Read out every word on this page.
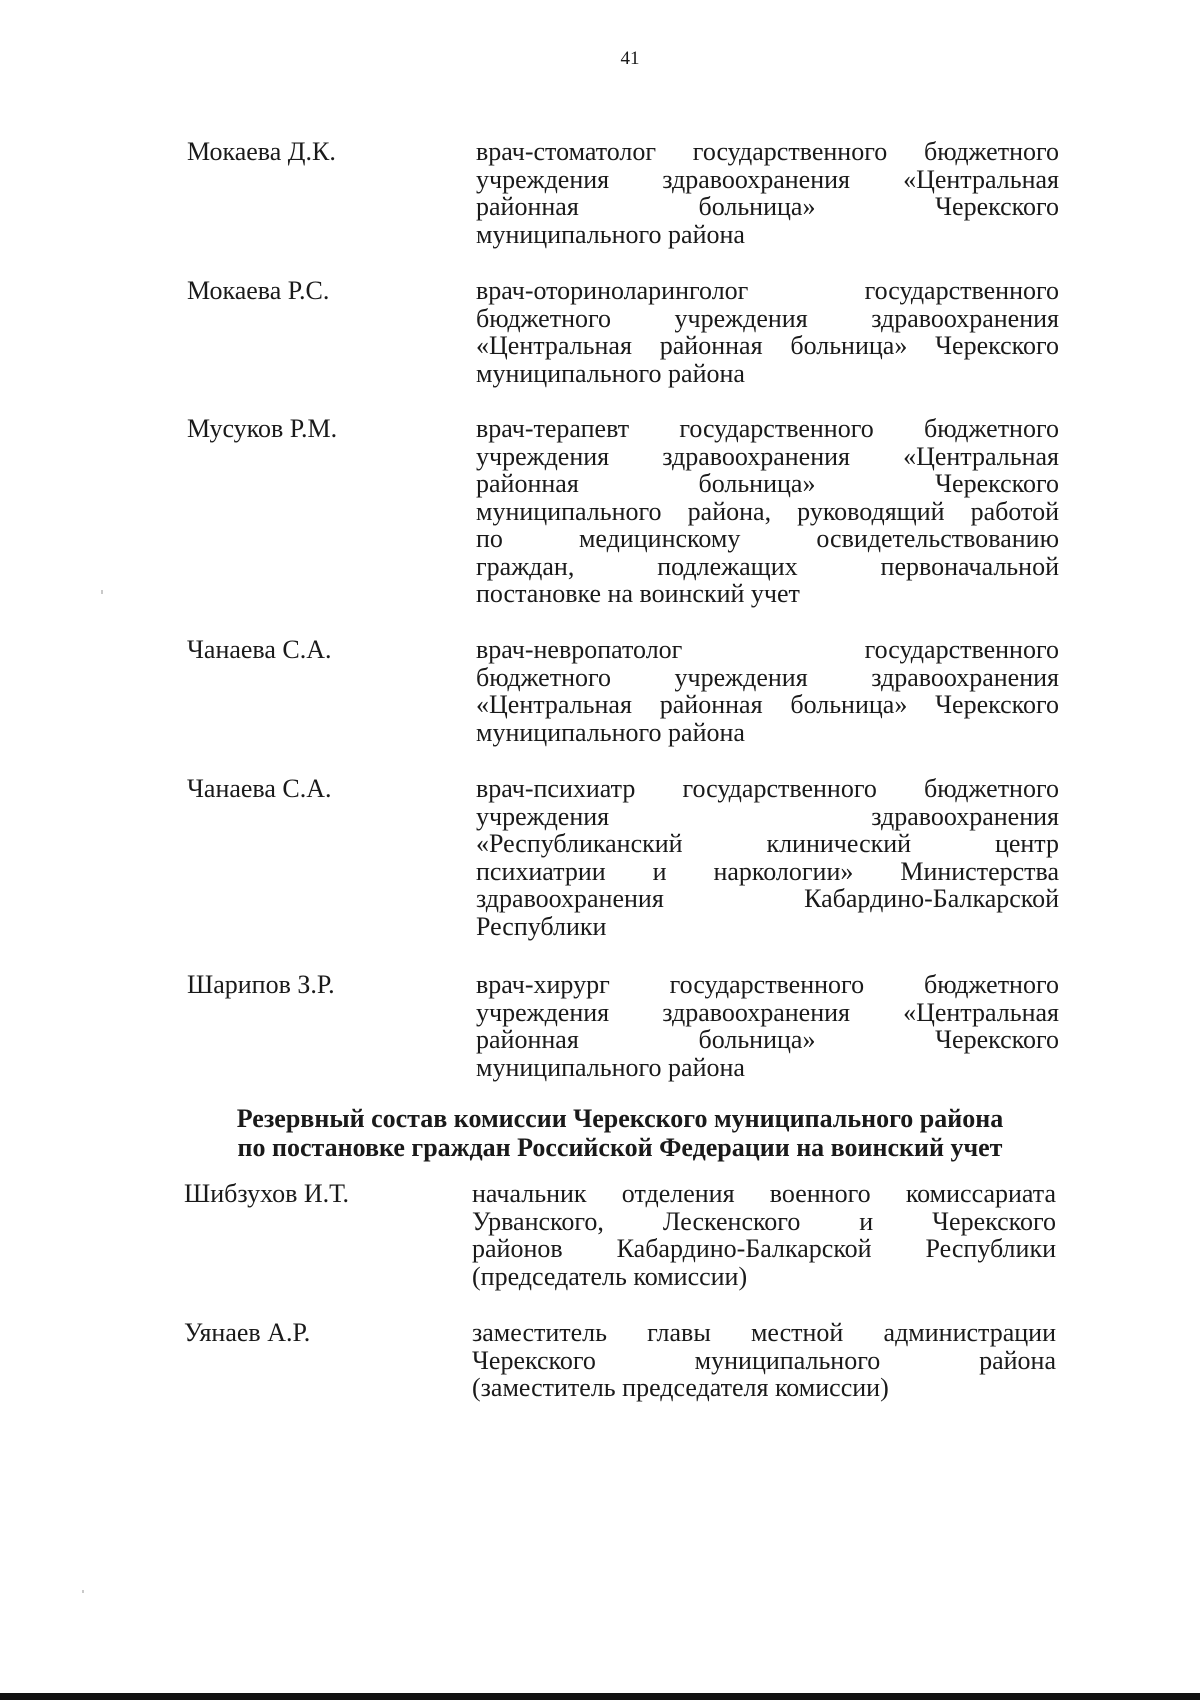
41
Мокаева Д.К.	врач-стоматолог государственного бюджетного
учреждения здравоохранения «Центральная
районная больница» Черекского
муниципального района
Мокаева Р.С.	врач-оториноларинголог государственного
бюджетного учреждения здравоохранения
«Центральная районная больница» Черекского
муниципального района
Мусуков Р.М.	врач-терапевт государственного бюджетного
учреждения здравоохранения «Центральная
районная больница» Черекского
муниципального района, руководящий работой
по медицинскому освидетельствованию
граждан, подлежащих первоначальной
постановке на воинский учет
Чанаева С.А.	врач-невропатолог государственного
бюджетного учреждения здравоохранения
«Центральная районная больница» Черекского
муниципального района
Чанаева С.А.	врач-психиатр государственного бюджетного
учреждения здравоохранения
«Республиканский клинический центр
психиатрии и наркологии» Министерства
здравоохранения Кабардино-Балкарской
Республики
Шарипов З.Р.	врач-хирург государственного бюджетного
учреждения здравоохранения «Центральная
районная больница» Черекского
муниципального района
Резервный состав комиссии Черекского муниципального района
по постановке граждан Российской Федерации на воинский учет
Шибзухов И.Т.	начальник отделения военного комиссариата
Урванского, Лескенского и Черекского
районов Кабардино-Балкарской Республики
(председатель комиссии)
Уянаев А.Р.	заместитель главы местной администрации
Черекского муниципального района
(заместитель председателя комиссии)
